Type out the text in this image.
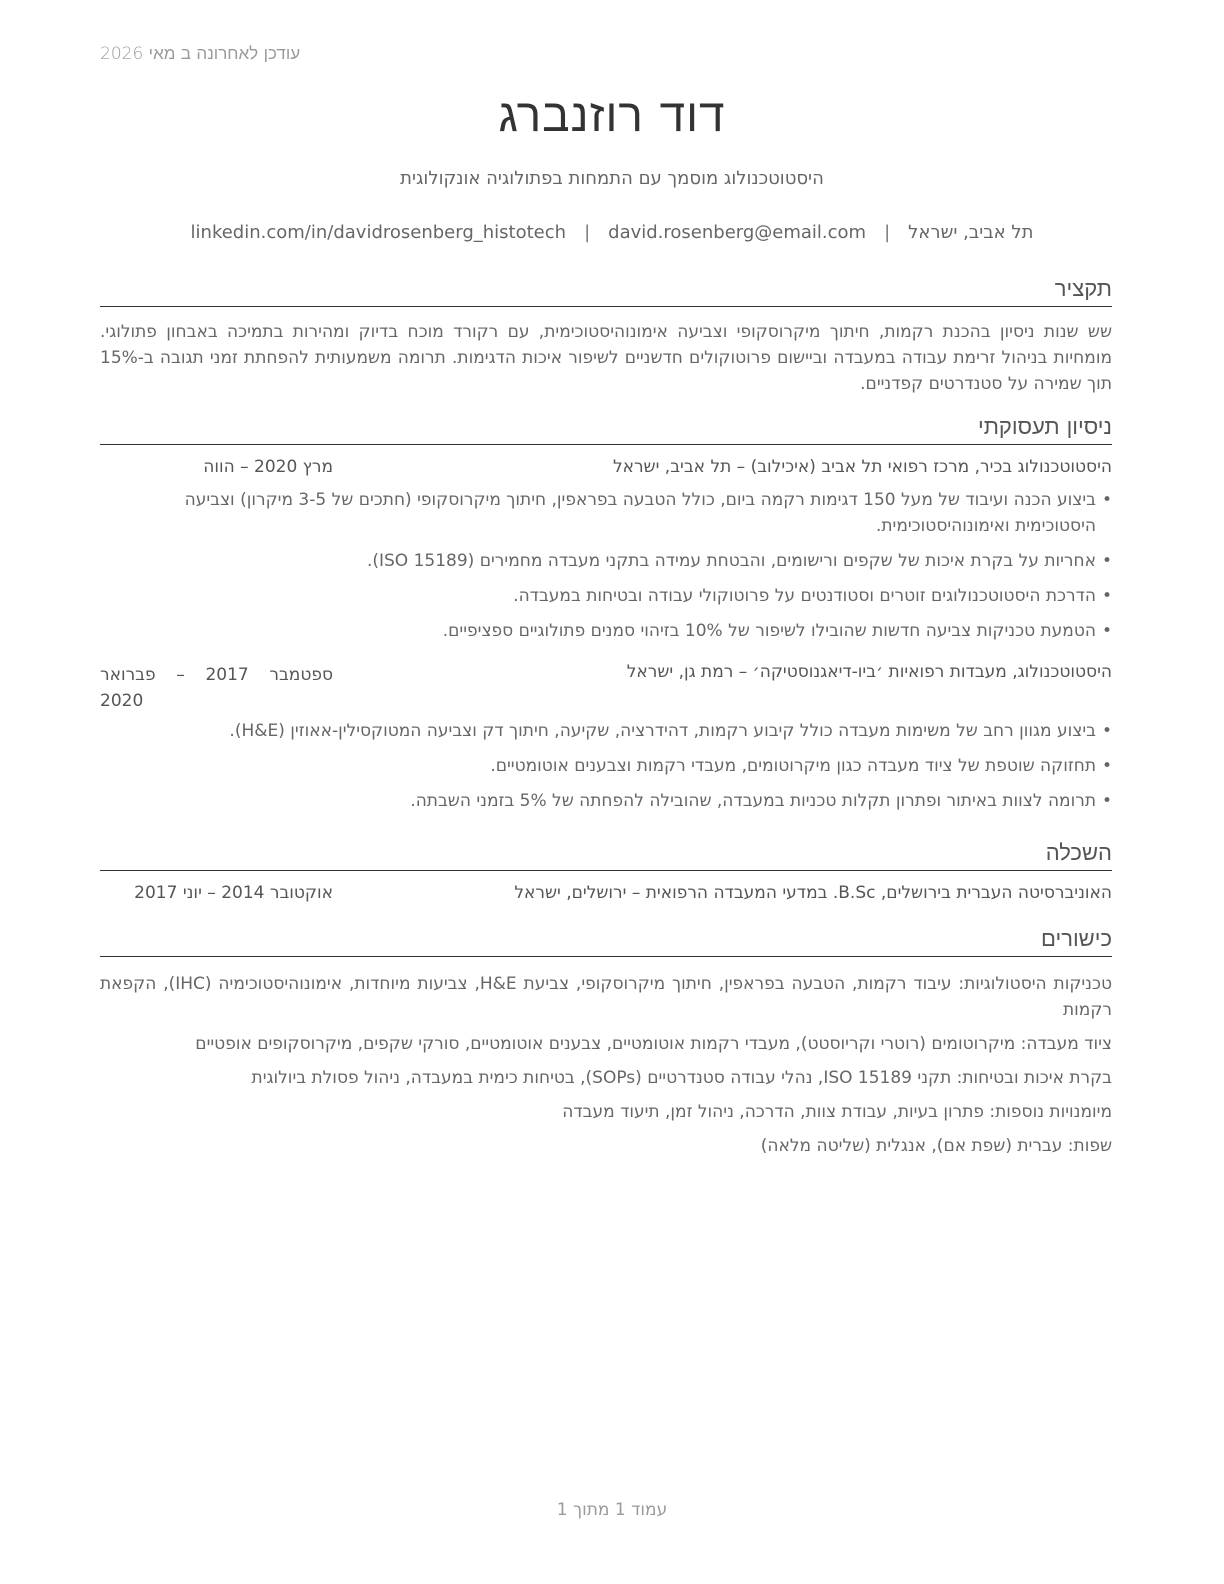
עודכן לאחרונה ב מאי 2026
דוד רוזנברג
היסטוטכנולוג מוסמך עם התמחות בפתולוגיה אונקולוגית
תל אביב, ישראל|david.rosenberg@email.com|linkedin.com/in/davidrosenberg_histotech
תקציר
שש שנות ניסיון בהכנת רקמות, חיתוך מיקרוסקופי וצביעה אימונוהיסטוכימית, עם רקורד מוכח בדיוק ומהירות בתמיכה באבחון פתולוגי. מומחיות בניהול זרימת עבודה במעבדה וביישום פרוטוקולים חדשניים לשיפור איכות הדגימות. תרומה משמעותית להפחתת זמני תגובה ב-15% תוך שמירה על סטנדרטים קפדניים.
ניסיון תעסוקתי
היסטוטכנולוג בכיר, מרכז רפואי תל אביב (איכילוב) – תל אביב, ישראל
מרץ 2020 – הווה
• ביצוע הכנה ועיבוד של מעל 150 דגימות רקמה ביום, כולל הטבעה בפראפין, חיתוך מיקרוסקופי (חתכים של 3-5 מיקרון) וצביעה היסטוכימית ואימונוהיסטוכימית.
• אחריות על בקרת איכות של שקפים ורישומים, והבטחת עמידה בתקני מעבדה מחמירים (ISO 15189).
• הדרכת היסטוטכנולוגים זוטרים וסטודנטים על פרוטוקולי עבודה ובטיחות במעבדה.
• הטמעת טכניקות צביעה חדשות שהובילו לשיפור של 10% בזיהוי סמנים פתולוגיים ספציפיים.
היסטוטכנולוג, מעבדות רפואיות ׳ביו-דיאגנוסטיקה׳ – רמת גן, ישראל
ספטמבר 2017 – פברואר 2020
• ביצוע מגוון רחב של משימות מעבדה כולל קיבוע רקמות, דהידרציה, שקיעה, חיתוך דק וצביעה המטוקסילין-אאוזין (H&E).
• תחזוקה שוטפת של ציוד מעבדה כגון מיקרוטומים, מעבדי רקמות וצבענים אוטומטיים.
• תרומה לצוות באיתור ופתרון תקלות טכניות במעבדה, שהובילה להפחתה של 5% בזמני השבתה.
השכלה
האוניברסיטה העברית בירושלים, B.Sc. במדעי המעבדה הרפואית – ירושלים, ישראל
אוקטובר 2014 – יוני 2017
כישורים
טכניקות היסטולוגיות: עיבוד רקמות, הטבעה בפראפין, חיתוך מיקרוסקופי, צביעת H&E, צביעות מיוחדות, אימונוהיסטוכימיה (IHC), הקפאת רקמות
ציוד מעבדה: מיקרוטומים (רוטרי וקריוסטט), מעבדי רקמות אוטומטיים, צבענים אוטומטיים, סורקי שקפים, מיקרוסקופים אופטיים
בקרת איכות ובטיחות: תקני ISO 15189, נהלי עבודה סטנדרטיים (SOPs), בטיחות כימית במעבדה, ניהול פסולת ביולוגית
מיומנויות נוספות: פתרון בעיות, עבודת צוות, הדרכה, ניהול זמן, תיעוד מעבדה
שפות: עברית (שפת אם), אנגלית (שליטה מלאה)
עמוד 1 מתוך 1
